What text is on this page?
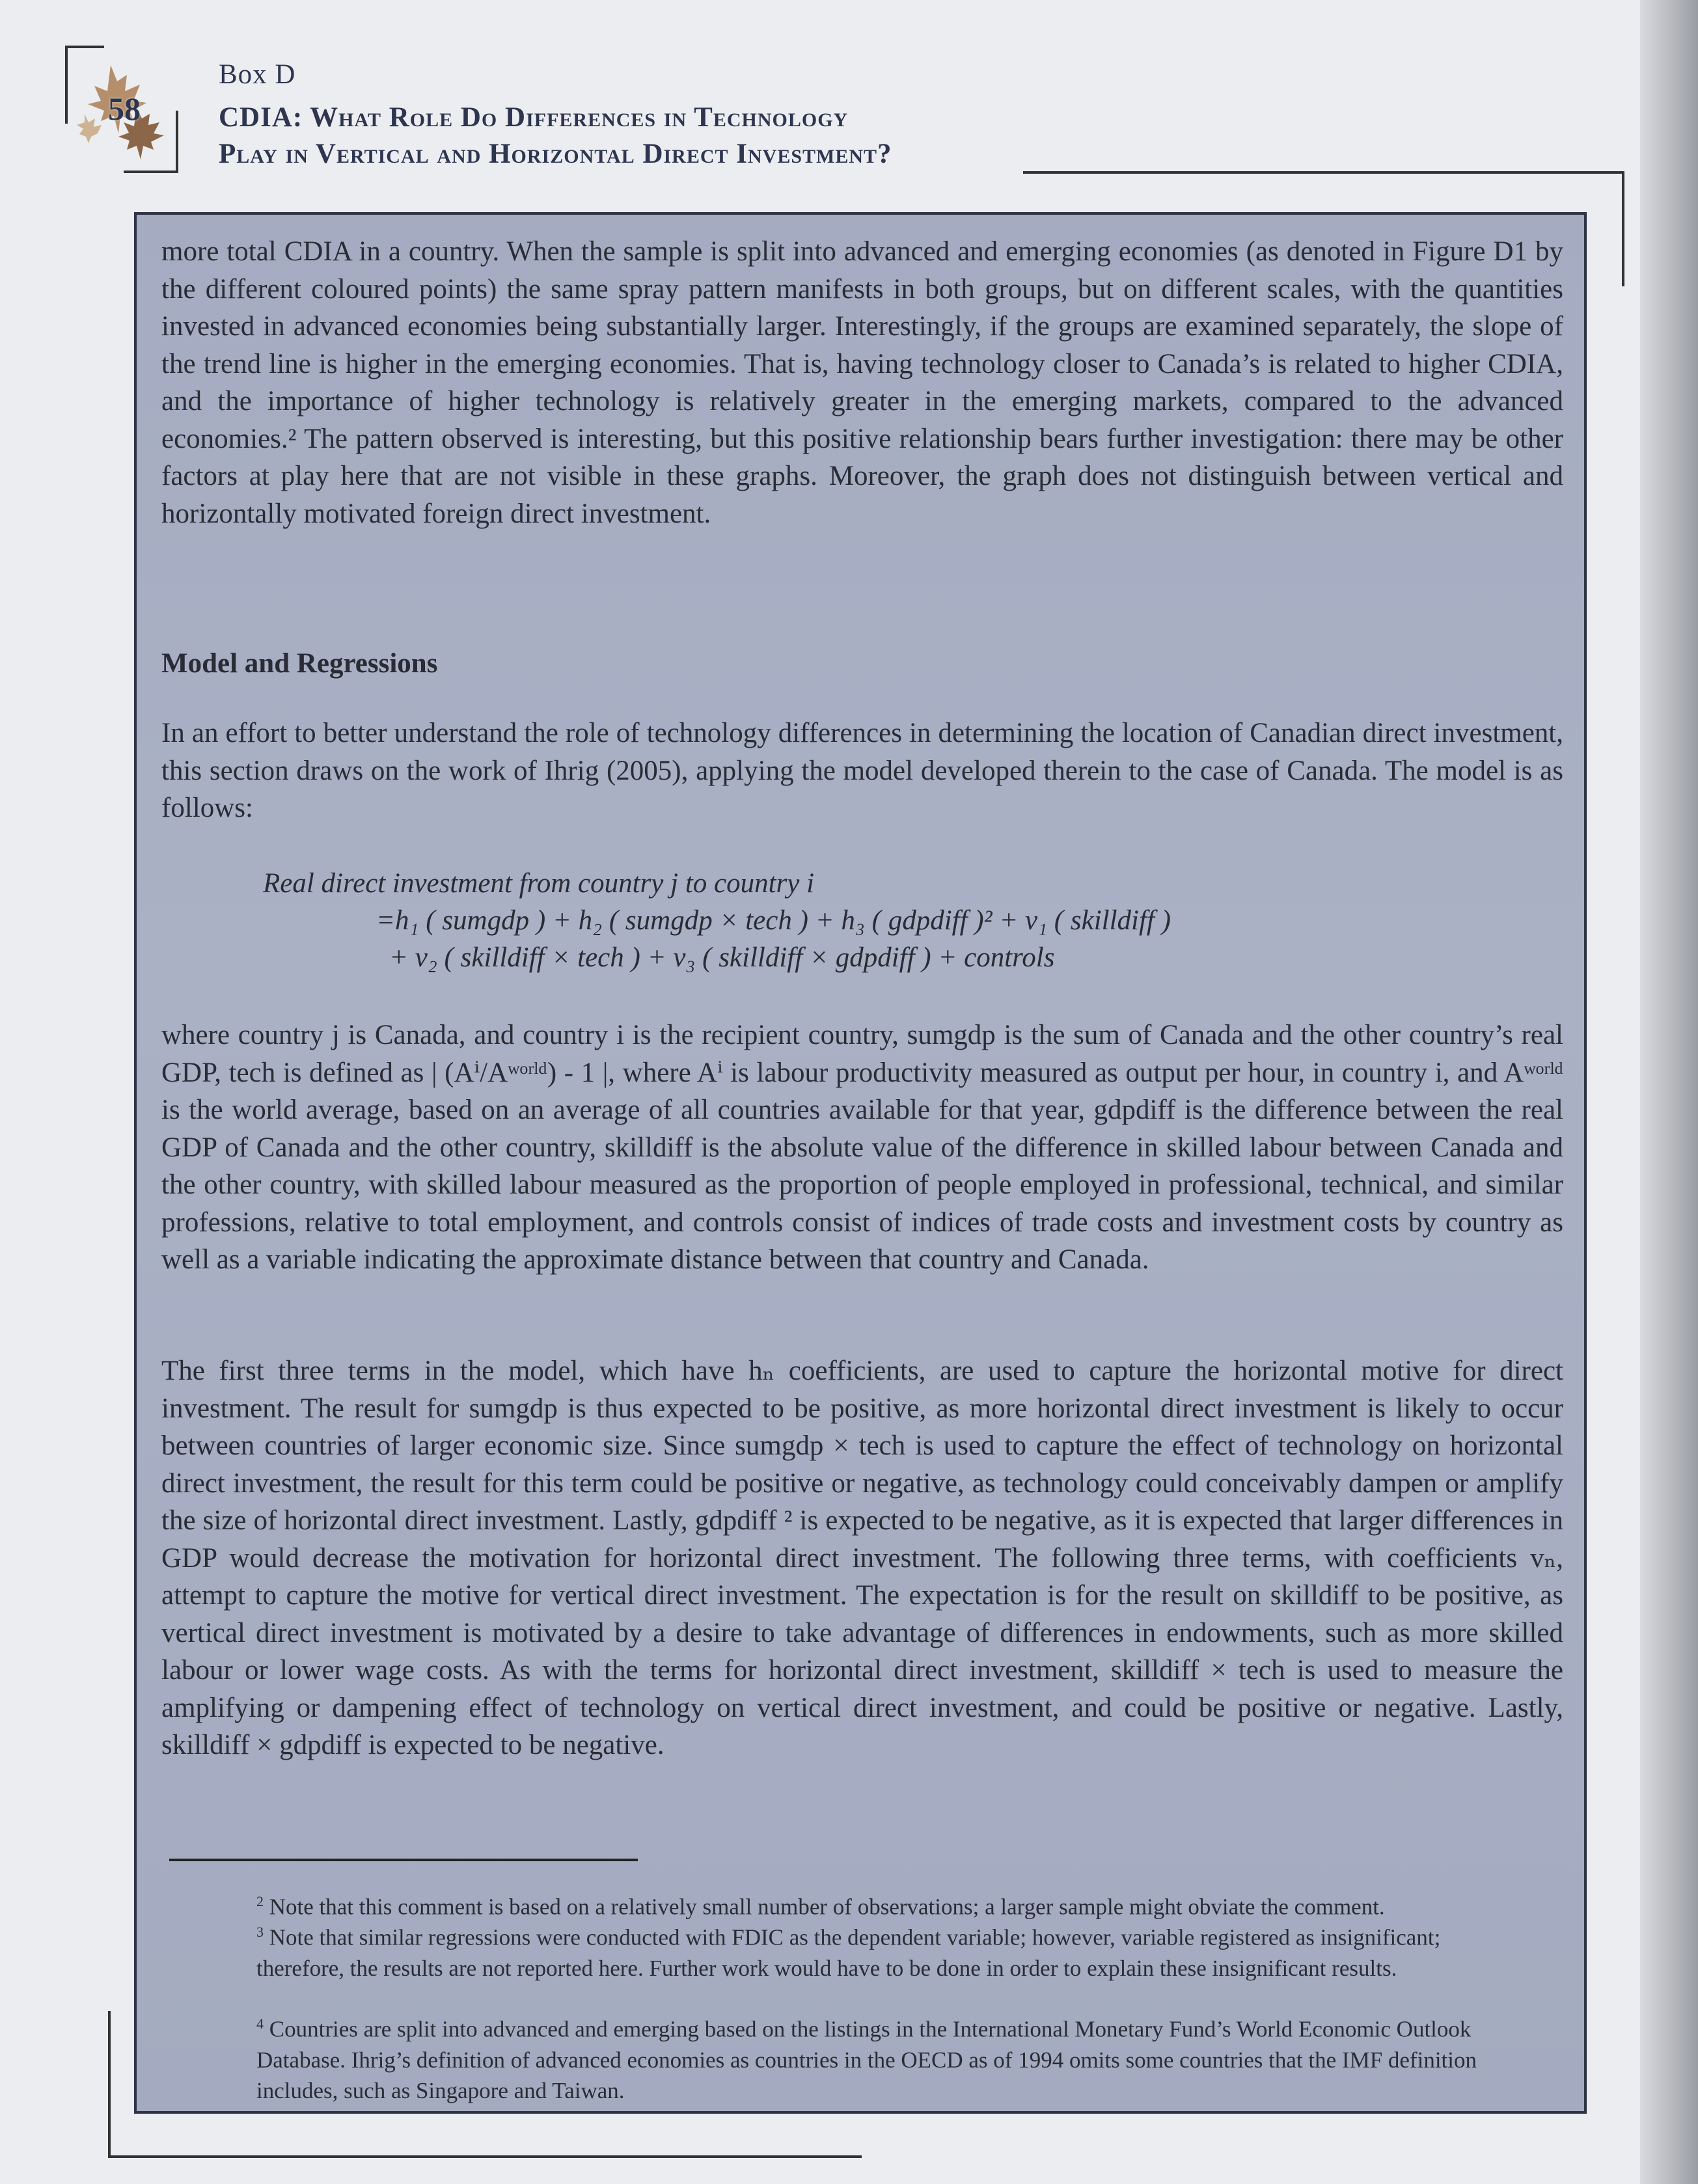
58
Box D
CDIA: What Role Do Differences in Technology
Play in Vertical and Horizontal Direct Investment?
more total CDIA in a country. When the sample is split into advanced and emerging economies (as denoted in Figure D1 by the different coloured points) the same spray pattern manifests in both groups, but on different scales, with the quantities invested in advanced economies being substantially larger. Interestingly, if the groups are examined separately, the slope of the trend line is higher in the emerging economies. That is, having technology closer to Canada’s is related to higher CDIA, and the importance of higher technology is relatively greater in the emerging markets, compared to the advanced economies.² The pattern observed is interesting, but this positive relationship bears further investigation: there may be other factors at play here that are not visible in these graphs. Moreover, the graph does not distinguish between vertical and horizontally motivated foreign direct investment.
Model and Regressions
In an effort to better understand the role of technology differences in determining the location of Canadian direct investment, this section draws on the work of Ihrig (2005), applying the model developed therein to the case of Canada. The model is as follows:
Real direct investment from country j to country i
=h₁ ( sumgdp ) + h₂ ( sumgdp × tech ) + h₃ ( gdpdiff )² + v₁ ( skilldiff )
+ v₂ ( skilldiff × tech ) + v₃ ( skilldiff × gdpdiff ) + controls
where country j is Canada, and country i is the recipient country, sumgdp is the sum of Canada and the other country’s real GDP, tech is defined as | (Aⁱ/Aʷᵒʳˡᵈ) - 1 |, where Aⁱ is labour productivity measured as output per hour, in country i, and Aʷᵒʳˡᵈ is the world average, based on an average of all countries available for that year, gdpdiff is the difference between the real GDP of Canada and the other country, skilldiff is the absolute value of the difference in skilled labour between Canada and the other country, with skilled labour measured as the proportion of people employed in professional, technical, and similar professions, relative to total employment, and controls consist of indices of trade costs and investment costs by country as well as a variable indicating the approximate distance between that country and Canada.
The first three terms in the model, which have hₙ coefficients, are used to capture the horizontal motive for direct investment. The result for sumgdp is thus expected to be positive, as more horizontal direct investment is likely to occur between countries of larger economic size. Since sumgdp × tech is used to capture the effect of technology on horizontal direct investment, the result for this term could be positive or negative, as technology could conceivably dampen or amplify the size of horizontal direct investment. Lastly, gdpdiff ² is expected to be negative, as it is expected that larger differences in GDP would decrease the motivation for horizontal direct investment. The following three terms, with coefficients vₙ, attempt to capture the motive for vertical direct investment. The expectation is for the result on skilldiff to be positive, as vertical direct investment is motivated by a desire to take advantage of differences in endowments, such as more skilled labour or lower wage costs. As with the terms for horizontal direct investment, skilldiff × tech is used to measure the amplifying or dampening effect of technology on vertical direct investment, and could be positive or negative. Lastly, skilldiff × gdpdiff is expected to be negative.
$^2$ Note that this comment is based on a relatively small number of observations; a larger sample might obviate the comment.
$^3$ Note that similar regressions were conducted with FDIC as the dependent variable; however, variable registered as insignificant; therefore, the results are not reported here. Further work would have to be done in order to explain these insignificant results.
$^4$ Countries are split into advanced and emerging based on the listings in the International Monetary Fund’s World Economic Outlook Database. Ihrig’s definition of advanced economies as countries in the OECD as of 1994 omits some countries that the IMF definition includes, such as Singapore and Taiwan.
